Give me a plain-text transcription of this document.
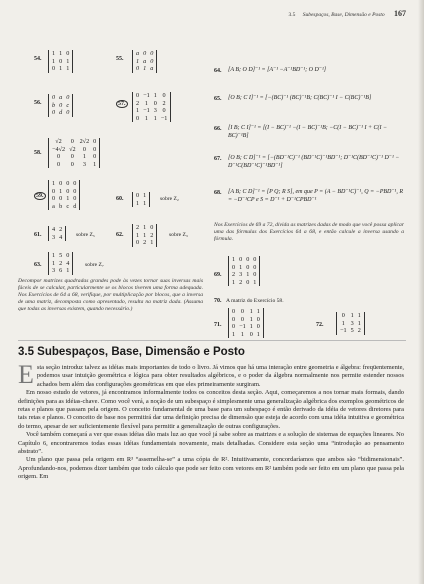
3.5 Subespaços, Base, Dimensão e Posto 167
54.
1 1 0
1 0 1
0 1 1
55.
a 0 0
1 a 0
0 1 a
56.
0 a 0
b 0 c
0 d 0
57.
0 −1 1 0
2 1 0 2
1 −1 3 0
0 1 1 −1
58.
√2	0 2√2 0
−4√2 √2	0	0
0	0	1	0
0	0	3	1
59.
1 0 0 0
0 1 0 0
0 0 1 0
a b c d
60. 0 1
1 1
sobre Z₂
61.
4 2
3 4 sobre Z₅	62.
2 1 0
1 1 2
0 2 1
sobre Z₃
63.
1 5 0
1 2 4
3 6 1
sobre Z₇
Decompor matrizes quadradas grandes pode às vezes tornar suas inversas mais fáceis de se calcular, particularmente se os blocos tiverem uma forma adequada. Nos Exercícios de 64 a 68, verifique, por multiplicação por blocos, que a inversa de uma matriz, decomposta como apresentado, resulta na matriz dada. (Assuma que todas as inversas existem, quando necessário.)
64. [A B; O D]⁻¹ = [A⁻¹ −A⁻¹BD⁻¹; O D⁻¹]
65. [O B; C I]⁻¹ = [−(BC)⁻¹ (BC)⁻¹B; C(BC)⁻¹ I − C(BC)⁻¹B]
66. [I B; C I]⁻¹ = [(I − BC)⁻¹ −(I − BC)⁻¹B; −C(I − BC)⁻¹ I + C(I − BC)⁻¹B]
67. [O B; C D]⁻¹ = [−(BD⁻¹C)⁻¹ (BD⁻¹C)⁻¹BD⁻¹; D⁻¹C(BD⁻¹C)⁻¹ D⁻¹ − D⁻¹C(BD⁻¹C)⁻¹BD⁻¹]
68. [A B; C D]⁻¹ = [P Q; R S], em que P = (A − BD⁻¹C)⁻¹, Q = −PBD⁻¹, R = −D⁻¹CP e S = D⁻¹ + D⁻¹CPBD⁻¹
Nos Exercícios de 69 a 72, divida as matrizes dadas de modo que você possa aplicar uma das fórmulas dos Exercícios 64 a 68, e então calcule a inversa usando a fórmula.
69.
1 0 0 0
0 1 0 0
2 3 1 0
1 2 0 1
70. A matriz do Exercício 58.
71.
0 0 1 1
0 0 1 0
0 −1 1 0
1 1 0 1
72.
0 1 1
1 3 1
−1 5 2
3.5 Subespaços, Base, Dimensão e Posto

Esta seção introduz talvez as idéias mais importantes de todo o livro. Já vimos que há uma interação entre geometria e álgebra: freqüentemente, podemos usar intuição geométrica e lógica para obter resultados algébricos, e o poder da álgebra normalmente nos permite estender nossos achados bem além das configurações geométricas em que eles primeiramente surgiram.

Em nosso estudo de vetores, já encontramos informalmente todos os conceitos desta seção. Aqui, começaremos a nos tornar mais formais, dando definições para as idéias-chave. Como você verá, a noção de um subespaço é simplesmente uma generalização algébrica dos exemplos geométricos de retas e planos que passam pela origem. O conceito fundamental de uma base para um subespaço é então derivado da idéia de vetores diretores para tais retas e planos. O conceito de base nos permitirá dar uma definição precisa de dimensão que esteja de acordo com uma idéia intuitiva e geométrica do termo, apesar de ser suficientemente flexível para permitir a generalização de outras configurações.

Você também começará a ver que essas idéias dão mais luz ao que você já sabe sobre as matrizes e a solução de sistemas de equações lineares. No Capítulo 6, encontraremos todas essas idéias fundamentais novamente, mais detalhadas. Considere esta seção uma “introdução ao pensamento abstrato”.

Um plano que passa pela origem em R³ “assemelha-se” a uma cópia de R². Intuitivamente, concordaríamos que ambos são “bidimensionais”. Aprofundando-nos, podemos dizer também que todo cálculo que pode ser feito com vetores em R² também pode ser feito em um plano que passa pela origem. Em
